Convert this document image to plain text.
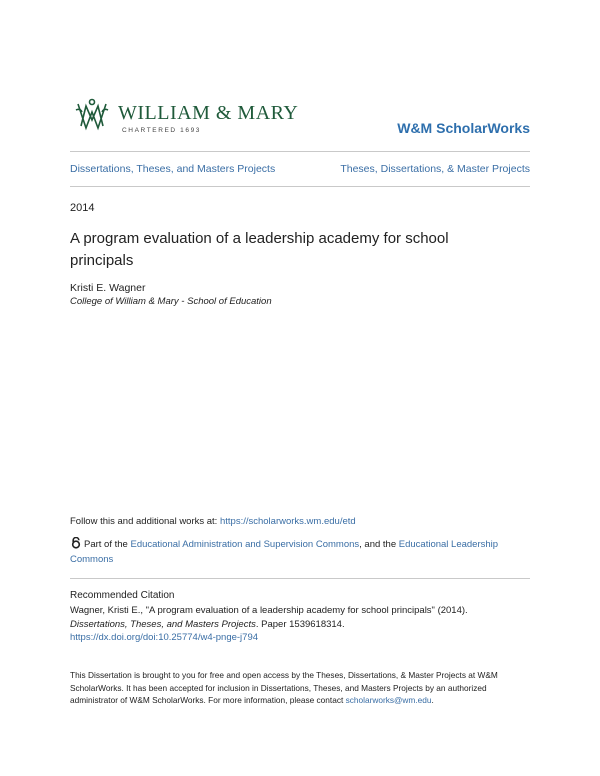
WILLIAM & MARY
CHARTERED 1693	W&M ScholarWorks
Dissertations, Theses, and Masters Projects	Theses, Dissertations, & Master Projects
2014
A program evaluation of a leadership academy for school principals
Kristi E. Wagner
College of William & Mary - School of Education
Follow this and additional works at: https://scholarworks.wm.edu/etd
Part of the Educational Administration and Supervision Commons, and the Educational Leadership Commons
Recommended Citation
Wagner, Kristi E., "A program evaluation of a leadership academy for school principals" (2014).
Dissertations, Theses, and Masters Projects. Paper 1539618314.
https://dx.doi.org/doi:10.25774/w4-pnge-j794
This Dissertation is brought to you for free and open access by the Theses, Dissertations, & Master Projects at W&M ScholarWorks. It has been accepted for inclusion in Dissertations, Theses, and Masters Projects by an authorized administrator of W&M ScholarWorks. For more information, please contact scholarworks@wm.edu.
